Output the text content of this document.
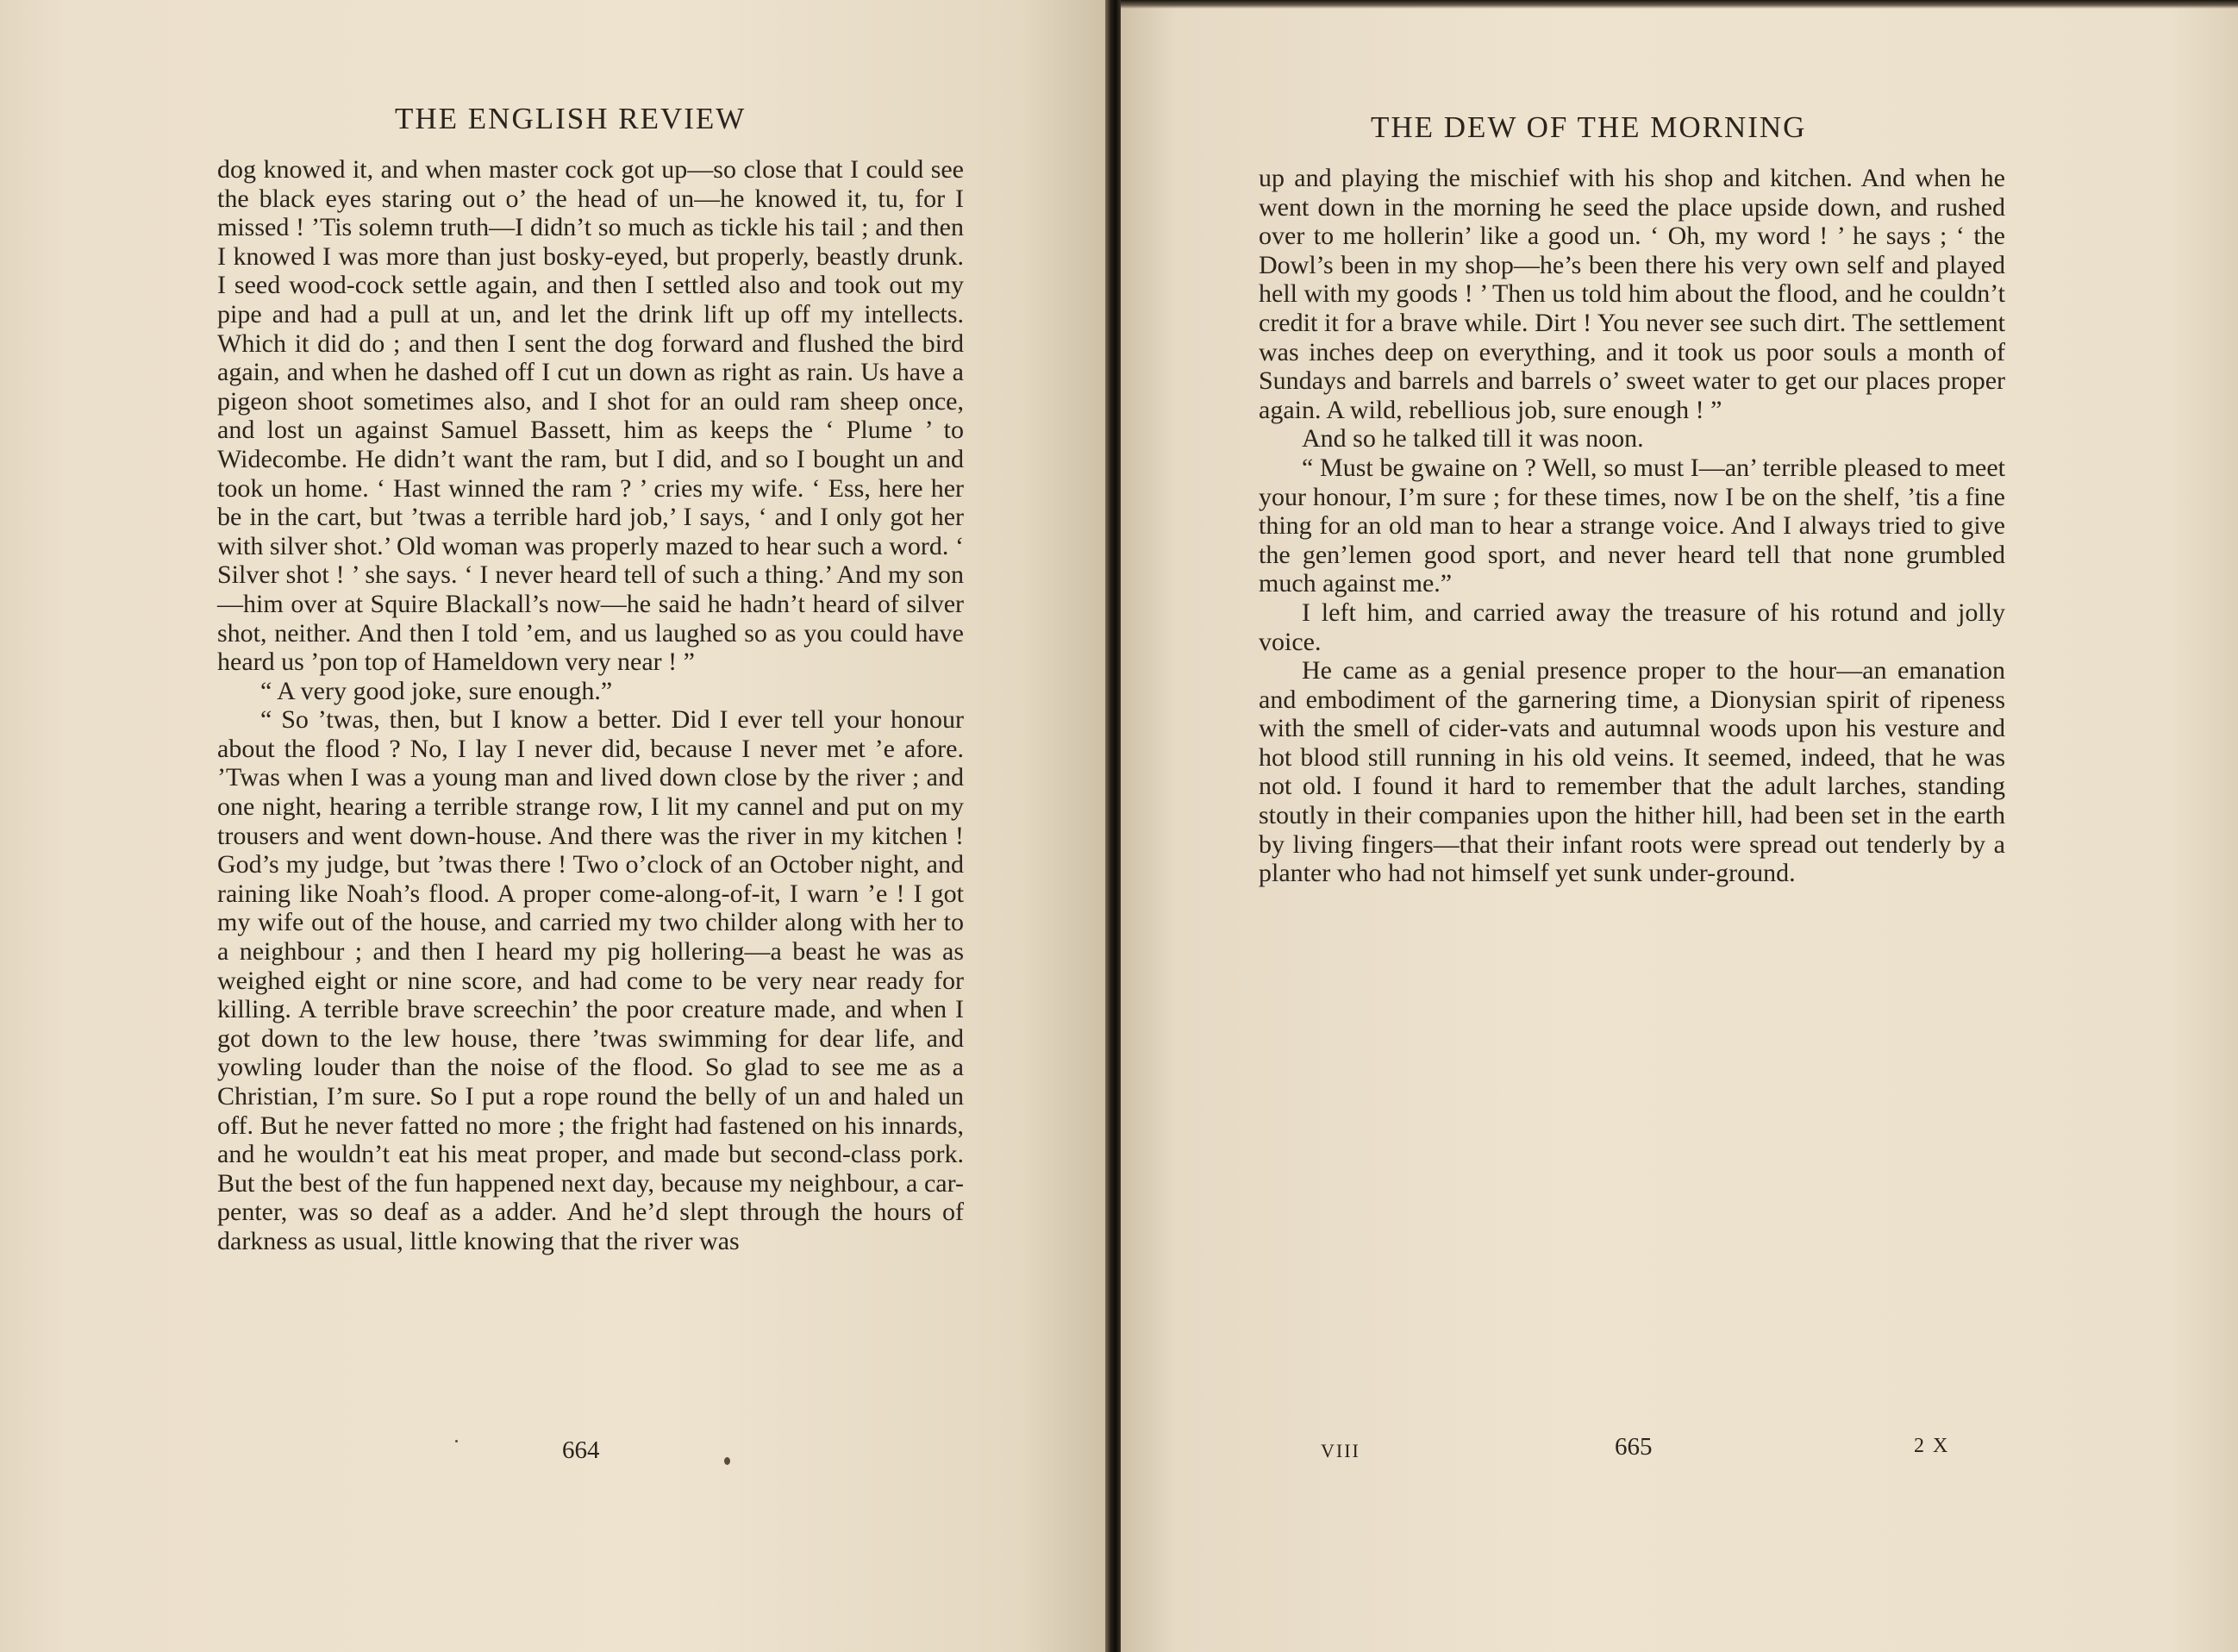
THE ENGLISH REVIEW

dog knowed it, and when master cock got up—so close that I could see the black eyes staring out o’ the head of un—he knowed it, tu, for I missed ! ’Tis solemn truth—I didn’t so much as tickle his tail ; and then I knowed I was more than just bosky-eyed, but properly, beastly drunk. I seed wood-cock settle again, and then I settled also and took out my pipe and had a pull at un, and let the drink lift up off my intellects. Which it did do ; and then I sent the dog forward and flushed the bird again, and when he dashed off I cut un down as right as rain. Us have a pigeon shoot sometimes also, and I shot for an ould ram sheep once, and lost un against Samuel Bassett, him as keeps the ‘ Plume ’ to Widecombe. He didn’t want the ram, but I did, and so I bought un and took un home. ‘ Hast winned the ram ? ’ cries my wife. ‘ Ess, here her be in the cart, but ’twas a terrible hard job,’ I says, ‘ and I only got her with silver shot.’ Old woman was properly mazed to hear such a word. ‘ Silver shot ! ’ she says. ‘ I never heard tell of such a thing.’ And my son—him over at Squire Blackall’s now—he said he hadn’t heard of silver shot, neither. And then I told ’em, and us laughed so as you could have heard us ’pon top of Hameldown very near ! ”

“ A very good joke, sure enough.”

“ So ’twas, then, but I know a better. Did I ever tell your honour about the flood ? No, I lay I never did, because I never met ’e afore. ’Twas when I was a young man and lived down close by the river ; and one night, hearing a terrible strange row, I lit my cannel and put on my trousers and went down-house. And there was the river in my kitchen ! God’s my judge, but ’twas there ! Two o’clock of an October night, and raining like Noah’s flood. A proper come-along-of-it, I warn ’e ! I got my wife out of the house, and carried my two childer along with her to a neighbour ; and then I heard my pig hollering—a beast he was as weighed eight or nine score, and had come to be very near ready for killing. A terrible brave screechin’ the poor creature made, and when I got down to the lew house, there ’twas swimming for dear life, and yowling louder than the noise of the flood. So glad to see me as a Christian, I’m sure. So I put a rope round the belly of un and haled un off. But he never fatted no more ; the fright had fastened on his innards, and he wouldn’t eat his meat proper, and made but second-class pork. But the best of the fun happened next day, because my neighbour, a car-penter, was so deaf as a adder. And he’d slept through the hours of darkness as usual, little knowing that the river was

664
THE DEW OF THE MORNING

up and playing the mischief with his shop and kitchen. And when he went down in the morning he seed the place upside down, and rushed over to me hollerin’ like a good un. ‘ Oh, my word ! ’ he says ; ‘ the Dowl’s been in my shop—he’s been there his very own self and played hell with my goods ! ’ Then us told him about the flood, and he couldn’t credit it for a brave while. Dirt ! You never see such dirt. The settlement was inches deep on everything, and it took us poor souls a month of Sundays and barrels and barrels o’ sweet water to get our places proper again. A wild, rebellious job, sure enough ! ”

And so he talked till it was noon.

“ Must be gwaine on ? Well, so must I—an’ terrible pleased to meet your honour, I’m sure ; for these times, now I be on the shelf, ’tis a fine thing for an old man to hear a strange voice. And I always tried to give the gen’lemen good sport, and never heard tell that none grumbled much against me.”

I left him, and carried away the treasure of his rotund and jolly voice.

He came as a genial presence proper to the hour—an emanation and embodiment of the garnering time, a Dionysian spirit of ripeness with the smell of cider-vats and autumnal woods upon his vesture and hot blood still running in his old veins. It seemed, indeed, that he was not old. I found it hard to remember that the adult larches, standing stoutly in their companies upon the hither hill, had been set in the earth by living fingers—that their infant roots were spread out tenderly by a planter who had not himself yet sunk under-ground.

VIII	665	2 X
